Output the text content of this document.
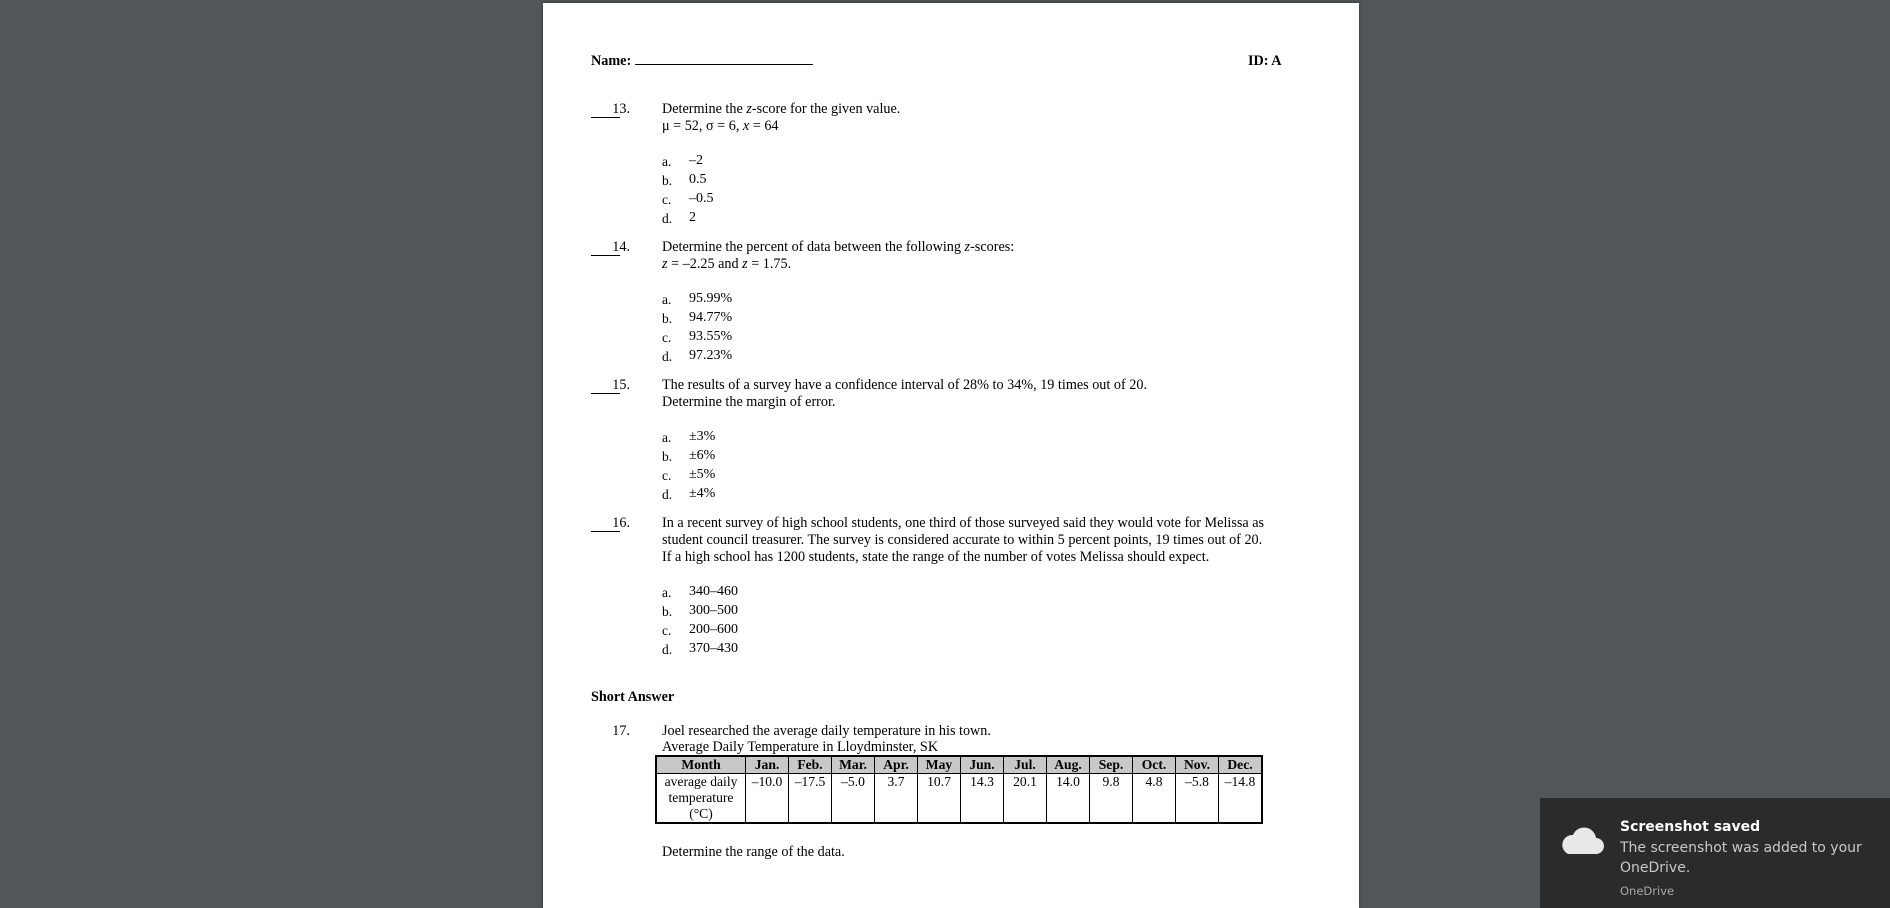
Name:	ID: A
13. Determine the z-score for the given value.
μ = 52, σ = 6, x = 64
a. –2
b. 0.5
c. –0.5
d. 2
14. Determine the percent of data between the following z-scores:
z = –2.25 and z = 1.75.
a. 95.99%
b. 94.77%
c. 93.55%
d. 97.23%
15. The results of a survey have a confidence interval of 28% to 34%, 19 times out of 20.
Determine the margin of error.
a. ±3%
b. ±6%
c. ±5%
d. ±4%
16. In a recent survey of high school students, one third of those surveyed said they would vote for Melissa as
student council treasurer. The survey is considered accurate to within 5 percent points, 19 times out of 20.
If a high school has 1200 students, state the range of the number of votes Melissa should expect.
a. 340–460
b. 300–500
c. 200–600
d. 370–430
Short Answer
17. Joel researched the average daily temperature in his town.
Average Daily Temperature in Lloydminster, SK
Month	Jan.	Feb.	Mar.	Apr.	May	Jun.	Jul.	Aug.	Sep.	Oct.	Nov.	Dec.

average daily
temperature
(°C)	–10.0	–17.5	–5.0	3.7	10.7	14.3	20.1	14.0	9.8	4.8	–5.8	–14.8
Determine the range of the data.
Screenshot saved
The screenshot was added to your OneDrive.
OneDrive
